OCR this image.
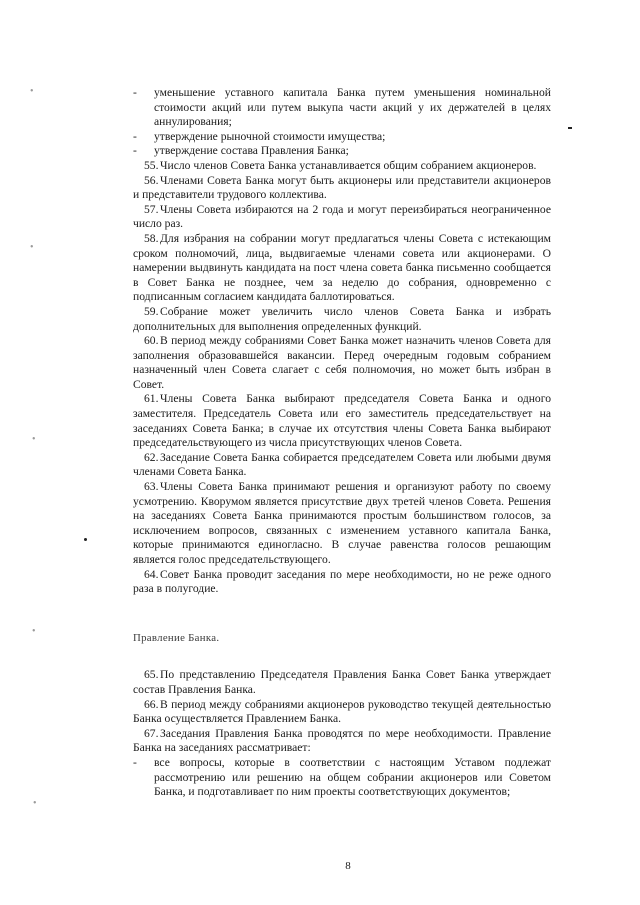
•
•
•
•
•
- уменьшение уставного капитала Банка путем уменьшения номинальной стоимости акций или путем выкупа части акций у их держателей в целях аннулирования;
- утверждение рыночной стоимости имущества;
- утверждение состава Правления Банка;
55. Число членов Совета Банка устанавливается общим собранием акционеров.
56. Членами Совета Банка могут быть акционеры или представители акционеров и представители трудового коллектива.
57. Члены Совета избираются на 2 года и могут переизбираться неограниченное число раз.
58. Для избрания на собрании могут предлагаться члены Совета с истекающим сроком полномочий, лица, выдвигаемые членами совета или акционерами. О намерении выдвинуть кандидата на пост члена совета банка письменно сообщается в Совет Банка не позднее, чем за неделю до собрания, одновременно с подписанным согласием кандидата баллотироваться.
59. Собрание может увеличить число членов Совета Банка и избрать дополнительных для выполнения определенных функций.
60. В период между собраниями Совет Банка может назначить членов Совета для заполнения образовавшейся вакансии. Перед очередным годовым собранием назначенный член Совета слагает с себя полномочия, но может быть избран в Совет.
61. Члены Совета Банка выбирают председателя Совета Банка и одного заместителя. Председатель Совета или его заместитель председательствует на заседаниях Совета Банка; в случае их отсутствия члены Совета Банка выбирают председательствующего из числа присутствующих членов Совета.
62. Заседание Совета Банка собирается председателем Совета или любыми двумя членами Совета Банка.
63. Члены Совета Банка принимают решения и организуют работу по своему усмотрению. Кворумом является присутствие двух третей членов Совета. Решения на заседаниях Совета Банка принимаются простым большинством голосов, за исключением вопросов, связанных с изменением уставного капитала Банка, которые принимаются единогласно. В случае равенства голосов решающим является голос председательствующего.
64. Совет Банка проводит заседания по мере необходимости, но не реже одного раза в полугодие.
Правление Банка.
65. По представлению Председателя Правления Банка Совет Банка утверждает состав Правления Банка.
66. В период между собраниями акционеров руководство текущей деятельностью Банка осуществляется Правлением Банка.
67. Заседания Правления Банка проводятся по мере необходимости. Правление Банка на заседаниях рассматривает:
- все вопросы, которые в соответствии с настоящим Уставом подлежат рассмотрению или решению на общем собрании акционеров или Советом Банка, и подготавливает по ним проекты соответствующих документов;
8
